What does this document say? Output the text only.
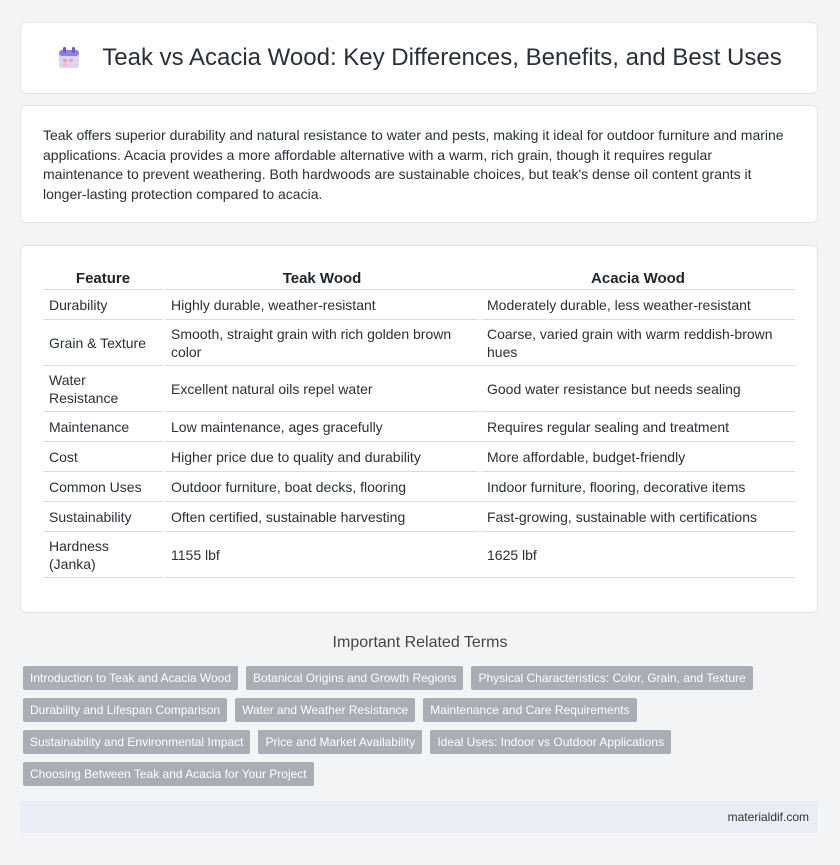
Teak vs Acacia Wood: Key Differences, Benefits, and Best Uses

Teak offers superior durability and natural resistance to water and pests, making it ideal for outdoor furniture and marine applications. Acacia provides a more affordable alternative with a warm, rich grain, though it requires regular maintenance to prevent weathering. Both hardwoods are sustainable choices, but teak's dense oil content grants it longer-lasting protection compared to acacia.

Feature	Teak Wood	Acacia Wood
Durability	Highly durable, weather-resistant	Moderately durable, less weather-resistant
Grain & Texture	Smooth, straight grain with rich golden brown color	Coarse, varied grain with warm reddish-brown hues
Water Resistance	Excellent natural oils repel water	Good water resistance but needs sealing
Maintenance	Low maintenance, ages gracefully	Requires regular sealing and treatment
Cost	Higher price due to quality and durability	More affordable, budget-friendly
Common Uses	Outdoor furniture, boat decks, flooring	Indoor furniture, flooring, decorative items
Sustainability	Often certified, sustainable harvesting	Fast-growing, sustainable with certifications
Hardness (Janka)	1155 lbf	1625 lbf
Important Related Terms
Introduction to Teak and Acacia Wood	Botanical Origins and Growth Regions	Physical Characteristics: Color, Grain, and Texture
Durability and Lifespan Comparison	Water and Weather Resistance	Maintenance and Care Requirements
Sustainability and Environmental Impact	Price and Market Availability	Ideal Uses: Indoor vs Outdoor Applications
Choosing Between Teak and Acacia for Your Project
materialdif.com
